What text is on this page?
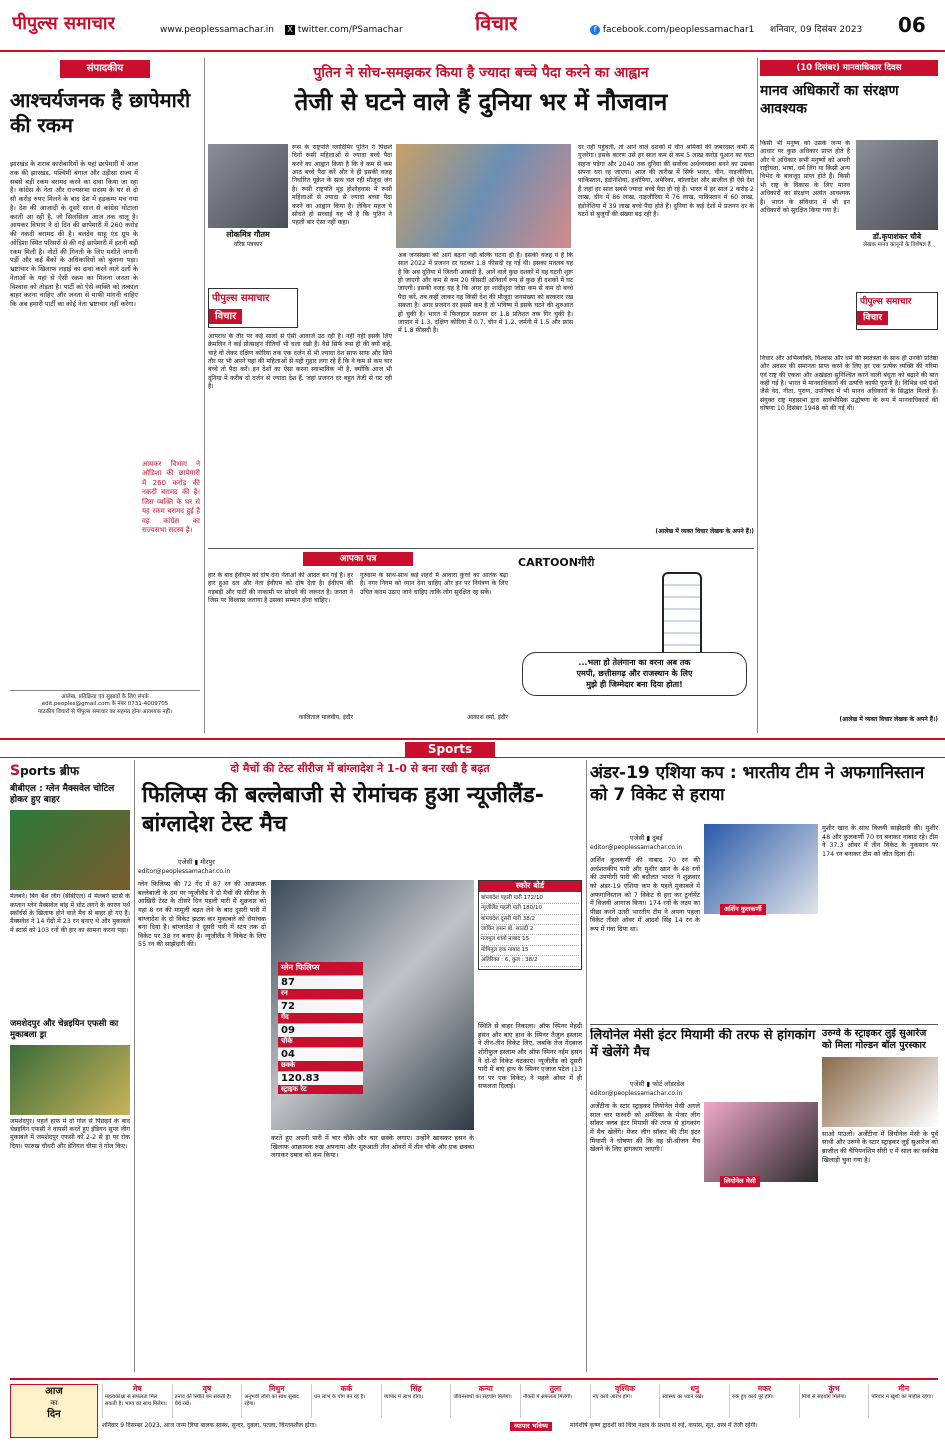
पीपुल्स समाचार	www.peoplessamachar.in X twitter.com/PSamachar	विचार	f facebook.com/peoplessamachar1 शनिवार, 09 दिसंबर 2023 06
संपादकीय
आश्चर्यजनक है छापेमारी की रकम
झारखंड के शराब कारोबारियों के यहां छापेमारी में आज तक की झारखंड, पश्चिमी बंगाल और उड़ीसा राज्य में सबसे बड़ी रकम बरामद करने का दावा किया जा रहा है। कांग्रेस के नेता और राज्यसभा सदस्य के घर से दो सौ करोड़ रुपए मिलने के बाद देश में हड़कम्प मच गया है। देश की आजादी के दूसरे साल से कांग्रेस घोटाला करती आ रही है, जो सिलसिला आज तक चालू है। आयकर विभाग ने दो दिन की छापेमारी में 260 करोड़ की नकदी बरामद की है। बलदेव साहू एंड ग्रुप के ओड़िशा स्थित परिसरों से की गई छापेमारी में इतनी बड़ी रकम मिली है। नोटों की गिनती के लिए मशीनें लगानी पड़ीं और कई बैंकों के अधिकारियों को बुलाना पड़ा। भ्रष्टाचार के खिलाफ लड़ाई का दावा करने वाले दलों के नेताओं के यहां से ऐसी रकम का मिलना जनता के विश्वास को तोड़ता है। पार्टी को ऐसे व्यक्ति को तत्काल बाहर करना चाहिए और जनता से माफी मांगनी चाहिए कि अब हमारी पार्टी का कोई नेता भ्रष्टाचार नहीं करेगा।
आयकर विभाग ने ओडिशा की छापेमारी में 260 करोड़ की नकदी बरामद की है। जिस व्यक्ति के घर से यह रकम बरामद हुई है वह कांग्रेस का राज्यसभा सदस्य है।
आलेख, प्रतिक्रिया एवं सुझावों के लिए संपर्क
edit.peoples@gmail.com के नंबर 0731-4009705
पाठकीय विचारों से पीपुल्स समाचार का सहमत होना आवश्यक नहीं।
पुतिन ने सोच-समझकर किया है ज्यादा बच्चे पैदा करने का आह्वान
तेजी से घटने वाले हैं दुनिया भर में नौजवान
लोकमित्र गौतम
वरिष्ठ पत्रकार
पीपुल्स समाचार
विचार
रूस के राष्ट्रपति व्लादिमिर पुतिन ने पिछले दिनों रूसी महिलाओं से ज्यादा बच्चे पैदा करने का आह्वान किया है कि वे कम से कम आठ बच्चे पैदा करें और वे ही इसकी वजह निर्धारित यूक्रेन के साथ चल रही मौजूदा जंग है। रूसी राष्ट्रपति मूड़ होशोहवास में रूसी महिलाओं से ज्यादा से ज्यादा बच्चा पैदा करने का आह्वान किया है। लेकिन महज ये सोचते हो सच्चाई यह भी है कि पुतिन ने पहली बार ऐसा नहीं कहा।
आपराध के तौर पर कई सालों से ऐसी आवाजें उठ रही हैं। नहीं नहीं इसके लिए क्रेमलिन ने कई प्रोत्साहन नीतियाँ भी चला रखी हैं। वैसे सिर्फ रूस ही की क्यों कहें, चाहे वो लेकर दक्षिण कोरिया तक एक दर्जन से भी ज्यादा देश साफ साफ और छिपे तौर पर भी अपने यहां की महिलाओं से यही गुहार लगा रहे हैं कि वे कम से कम चार बच्चे तो पैदा करें। इन देशों का ऐसा करना स्वाभाविक भी है, क्योंकि आज भी दुनिया में करीब दो दर्जन से ज्यादा देश हैं, जहां प्रजनन दर बहुत तेजी से घट रही है।
अब जनसंख्या को आगे बढ़ना नहीं बल्कि घटना ही है। इसकी वजह ये है कि साल 2022 में प्रजनन दर घटकर 1.8 फीसदी रह गई थी। इसका मतलब यह है कि अब दुनिया में जितनी आबादी है, आने वाले कुछ दशकों में यह घटनी शुरू हो जाएगी और कम से कम 20 फीसदी अनिवार्य रूप से कुछ ही दशकों में घट जाएगी। इसकी वजह यह है कि अगर हर शादीशुदा जोड़ा कम से कम दो बच्चे पैदा करें, तब कहीं जाकर यह किसी देश की मौजूदा जनसंख्या को बरकरार रख सकता है। अगर प्रजनन दर इससे कम है तो भविष्य में इसके घटने की शुरुआत हो चुकी है। भारत में फिलहाल प्रजनन दर 1.8 प्रतिशत तक गिर चुकी है। जापान में 1.3, दक्षिण कोरिया में 0.7, चीन में 1.2, जर्मनी में 1.5 और फ्रांस में 1.8 फीसदी है।
दर नहीं पहुंचती, तो आने वाले दशकों में चीन श्रमिकों की जबरदस्त कमी से गुजरेगा। इसके कारण उसे हर साल कम से कम 5 लाख करोड़ यूआन का घाटा सहना पड़ेगा और 2040 तक दुनिया की सर्वोच्च अर्थव्यवस्था बनने का उसका सपना धरा रह जाएगा। आज की तारीख में सिर्फ भारत, चीन, नाइजीरिया, पाकिस्तान, इंडोनेशिया, इथोपिया, अमेरिका, बांग्लादेश और ब्राजील ही ऐसे देश हैं जहां हर साल सबसे ज्यादा बच्चे पैदा हो रहे हैं। भारत में हर साल 2 करोड़ 2 लाख, चीन में 86 लाख, नाइजीरिया में 76 लाख, पाकिस्तान में 60 लाख, इंडोनेशिया में 39 लाख बच्चे पैदा होते हैं। दुनिया के कई देशों में प्रजनन दर के घटने से बुजुर्गों की संख्या बढ़ रही है।
(आलेख में व्यक्त विचार लेखक के अपने हैं।)
आपका पत्र
हार के बाद ईवीएम को दोष देना नेताओं की आदत बन गई है। हर हार हुआ दल और नेता ईवीएम को दोष देता है। ईवीएम की गड़बड़ी और पार्टी की नाकामी पर सोचने की जरूरत है। जनता ने जिस पर विश्वास जताया है उसका सम्मान होना चाहिए।
कालिताल मालवीय, इंदौर
गुरुग्राम के साथ-साथ कई शहरों में आवारा कुत्तों का आतंक बढ़ा है। नगर निगम को ध्यान देना चाहिए और इन पर नियंत्रण के लिए उचित कदम उठाए जाने चाहिए ताकि लोग सुरक्षित रह सकें।
आकाश वर्मा, इंदौर
CARTOONगीरी
...भला हो तेलंगाना का वरना अब तक
एमपी, छत्तीसगढ़ और राजस्थान के लिए
मुझे ही जिम्मेदार बना दिया होता!
(10 दिसंबर) मानवाधिकार दिवस
मानव अधिकारों का संरक्षण आवश्यक
किसी भी मनुष्य को उसके जन्म के आधार पर कुछ अधिकार प्राप्त होते हैं और ये अधिकार सभी मनुष्यों को अपनी राष्ट्रीयता, भाषा, धर्म लिंग या किसी अन्य विभेद के बावजूद प्राप्त होते हैं। किसी भी राष्ट्र के विकास के लिए मानव अधिकारों का संरक्षण अत्यंत आवश्यक है। भारत के संविधान में भी इन अधिकारों को सुरक्षित किया गया है।
डॉ.कृपाशंकर चौबे
लेखक मानव कानूनों के विशेषज्ञ हैं
पीपुल्स समाचार
विचार
विचार और अभिव्यक्ति, विश्वास और धर्म की स्वतंत्रता के साथ ही उनकी प्रतिष्ठा और अवसर की समानता प्राप्त करने के लिए हर एक प्रत्येक व्यक्ति की गरिमा एवं राष्ट्र की एकता और अखंडता सुनिश्चित करने वाली बंधुता को बढ़ाने की बात कही गई है। भारत में मानवाधिकारों की उत्पत्ति काफी पुरानी है। विभिन्न धर्म ग्रंथों जैसे वेद, गीता, पुराण, उपनिषद में भी मानव अधिकारों के सिद्धांत मिलते हैं। संयुक्त राष्ट्र महासभा द्वारा सार्वभौमिक उद्घोषणा के रूप में मानवाधिकारों की घोषणा 10 दिसंबर 1948 को की गई थी।
(आलेख में व्यक्त विचार लेखक के अपने हैं।)
Sports
Sports ब्रीफ
बीबीएल : ग्लेन मैक्सवेल चोटिल होकर हुए बाहर
मेलबर्न। बिग बैश लीग (बीबीएल) में मेलबर्न स्टार्स के कप्तान ग्लेन मैक्सवेल बांह में चोट लगने के कारण पर्थ स्कॉर्चर्स के खिलाफ होने वाले मैच से बाहर हो गए हैं। मैक्सवेल ने 14 गेंदों में 23 रन बनाए थे और मुकाबले में स्टार्स को 103 रनों की हार का सामना करना पड़ा।
जमशेदपुर और चेन्नइयिन एफसी का मुकाबला ड्रा
जमशेदपुर। पहले हाफ में दो गोल से पिछड़ने के बाद चेन्नइयिन एफसी ने वापसी करते हुए इंडियन सुपर लीग मुकाबले में जमशेदपुर एफसी को 2-2 से ड्रा पर रोक दिया। फारुख चौधरी और डेनियल चीमा ने गोल किए।
दो मैचों की टेस्ट सीरीज में बांग्लादेश ने 1-0 से बना रखी है बढ़त
फिलिप्स की बल्लेबाजी से रोमांचक हुआ न्यूजीलैंड-बांग्लादेश टेस्ट मैच
एजेंसी ▮ मीरपुर
editor@peoplessamachar.co.in
ग्लेन फिलिप्स की 72 गेंद में 87 रन की आक्रामक बल्लेबाजी के दम पर न्यूजीलैंड ने दो मैचों की सीरीज के आखिरी टेस्ट के तीसरे दिन पहली पारी में शुक्रवार को यहां 8 रन की मामूली बढ़त लेने के बाद दूसरी पारी में बांग्लादेश के दो विकेट झटक कर मुकाबले को रोमांचक बना दिया है। बांग्लादेश ने दूसरी पारी में स्टंप तक दो विकेट पर 38 रन बनाए हैं। न्यूजीलैंड ने विकेट के लिए 55 रन की साझेदारी की।
ग्लेन फिलिप्स
87
रन
72
गेंद
09
चौके
04
छक्के
120.83
स्ट्राइक रेट
करते हुए अपनी पारी में चार चौके और चार छक्के लगाए। उन्होंने खासकर हसन के खिलाफ आक्रामक रुख अपनाया और शुरुआती तीन ओवरों में तीन चौके और एक छक्का लगाकर दबाव को कम किया।
स्कोर बोर्ड
बांग्लादेश पहली पारी 172/10
न्यूजीलैंड पहली पारी 180/10
बांग्लादेश दूसरी पारी 38/2
जाकिर हसन बो. साउदी 2
नजमुल शांतो नाबाद 15
मोमिनुल हक नाबाद 15
अतिरिक्त : 6, कुल : 38/2
स्थिति से बाहर निकाला। ऑफ स्पिनर मेहदी हसन और बाएं हाथ के स्पिनर तैजुल इस्लाम ने तीन-तीन विकेट लिए, जबकि तेज गेंदबाज शोरीफुल इस्लाम और ऑफ स्पिनर नईम हसन ने दो-दो विकेट चटकाए। न्यूजीलैंड को दूसरी पारी में बाएं हाथ के स्पिनर एजाज पटेल (13 रन पर एक विकेट) ने पहले ओवर में ही सफलता दिलाई।
अंडर-19 एशिया कप : भारतीय टीम ने अफगानिस्तान को 7 विकेट से हराया
एजेंसी ▮ दुबई
editor@peoplessamachar.co.in
अर्शिन कुलकर्णी की नाबाद 70 रन की अर्धशतकीय पारी और मुशीर खान के 48 रनों की उपयोगी पारी की बदौलत भारत ने शुक्रवार को अंडर-19 एशिया कप के पहले मुकाबले में अफगानिस्तान को 7 विकेट से हरा कर टूर्नामेंट में विजयी आगाज किया। 174 रनों के लक्ष्य का पीछा करने उतरी भारतीय टीम ने अपना पहला विकेट तीसरे ओवर में आदर्श सिंह 14 रन के रूप में गंवा दिया था।
अर्शिन कुलकर्णी
मुशीर खान के साथ विजयी साझेदारी की। मुशीर 48 और कुलकर्णी 70 रन बनाकर नाबाद रहे। टीम ने 37.3 ओवर में तीन विकेट के नुकसान पर 174 रन बनाकर टीम को जीत दिला दी।
लियोनेल मेसी इंटर मियामी की तरफ से हांगकांग में खेलेंगे मैच
एजेंसी ▮ फोर्ट लॉडरडेल
editor@peoplessamachar.co.in
अर्जेंटीना के स्टार स्ट्राइकर लियोनेल मेसी अगले साल चार फरवरी को अमेरिका के मेजर लीग सॉकर क्लब इंटर मियामी की तरफ से हांगकांग में मैच खेलेंगे। मेजर लीग सॉकर की टीम इंटर मियामी ने घोषणा की कि वह प्री-सीजन मैच खेलने के लिए हांगकांग जाएगी।
लियोनेल मेसी
उरुग्वे के स्ट्राइकर लुई सुआरेज को मिला गोल्डन बॉल पुरस्कार
साओ पाउलो। अर्जेंटीना में लियोनेल मेसी के पूर्व साथी और उरुग्वे के स्टार स्ट्राइकर लुई सुआरेज को ब्राजील की चैंपियनशिप सीरी ए में साल का सर्वश्रेष्ठ खिलाड़ी चुना गया है।
आज
का
दिन
मेष
महत्वकांक्षा से सफलता मिल सकती है। भाग्य का साथ मिलेगा।
वृष
तनाव की स्थिति बन सकती है। धैर्य रखें।
मिथुन
अनुभवी लोगों का साथ सुखद रहेगा।
कर्क
धन लाभ के योग बन रहे हैं।
सिंह
व्यापार में लाभ होगा।
कन्या
जीवनसाथी का सहयोग मिलेगा।
तुला
नौकरी में सफलता मिलेगी।
वृश्चिक
नए कार्य आरंभ होंगे।
धनु
स्वास्थ्य का ध्यान रखें।
मकर
रुके हुए कार्य पूरे होंगे।
कुंभ
मित्रों से सहयोग मिलेगा।
मीन
परिवार में खुशी का माहौल रहेगा।
शनिवार 9 दिसम्बर 2023, आज जन्म लिया बालक स्वस्थ, सुन्दर, दुबला, पतला, चिन्तनशील होगा।	व्यापार भविष्य	मार्गशीर्ष कृष्ण द्वादशी को चित्रा नक्षत्र के प्रभाव से रुई, कपास, सूत, वस्त्र में तेजी रहेगी।
